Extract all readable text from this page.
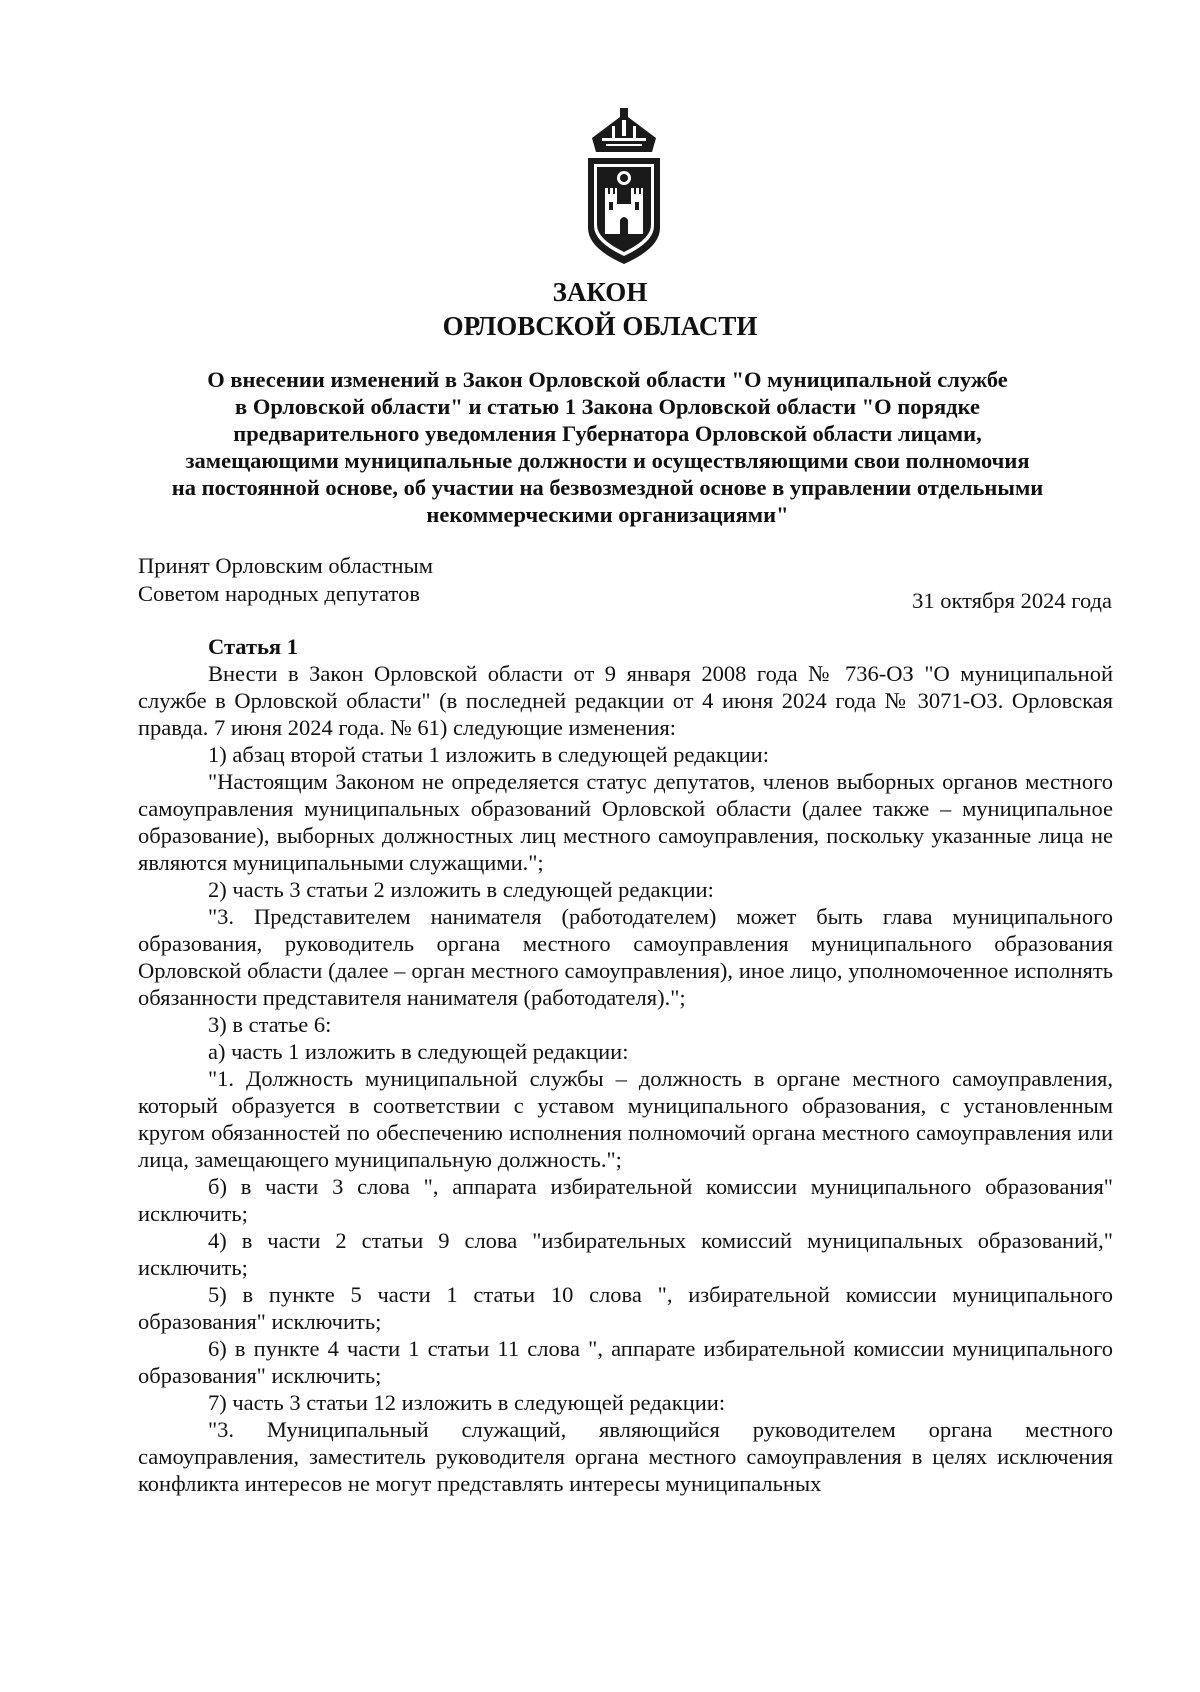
ЗАКОН
ОРЛОВСКОЙ ОБЛАСТИ
О внесении изменений в Закон Орловской области "О муниципальной службе
в Орловской области" и статью 1 Закона Орловской области "О порядке
предварительного уведомления Губернатора Орловской области лицами,
замещающими муниципальные должности и осуществляющими свои полномочия
на постоянной основе, об участии на безвозмездной основе в управлении отдельными
некоммерческими организациями"
Принят Орловским областным
Советом народных депутатов	31 октября 2024 года

Статья 1

Внести в Закон Орловской области от 9 января 2008 года № 736-ОЗ "О муниципальной службе в Орловской области" (в последней редакции от 4 июня 2024 года № 3071-ОЗ. Орловская правда. 7 июня 2024 года. № 61) следующие изменения:

1) абзац второй статьи 1 изложить в следующей редакции:

"Настоящим Законом не определяется статус депутатов, членов выборных органов местного самоуправления муниципальных образований Орловской области (далее также – муниципальное образование), выборных должностных лиц местного самоуправления, поскольку указанные лица не являются муниципальными служащими.";

2) часть 3 статьи 2 изложить в следующей редакции:

"3. Представителем нанимателя (работодателем) может быть глава муниципального образования, руководитель органа местного самоуправления муниципального образования Орловской области (далее – орган местного самоуправления), иное лицо, уполномоченное исполнять обязанности представителя нанимателя (работодателя).";

3) в статье 6:

а) часть 1 изложить в следующей редакции:

"1. Должность муниципальной службы – должность в органе местного самоуправления, который образуется в соответствии с уставом муниципального образования, с установленным кругом обязанностей по обеспечению исполнения полномочий органа местного самоуправления или лица, замещающего муниципальную должность.";

б) в части 3 слова ", аппарата избирательной комиссии муниципального образования" исключить;

4) в части 2 статьи 9 слова "избирательных комиссий муниципальных образований," исключить;

5) в пункте 5 части 1 статьи 10 слова ", избирательной комиссии муниципального образования" исключить;

6) в пункте 4 части 1 статьи 11 слова ", аппарате избирательной комиссии муниципального образования" исключить;

7) часть 3 статьи 12 изложить в следующей редакции:

"3. Муниципальный служащий, являющийся руководителем органа местного самоуправления, заместитель руководителя органа местного самоуправления в целях исключения конфликта интересов не могут представлять интересы муниципальных
